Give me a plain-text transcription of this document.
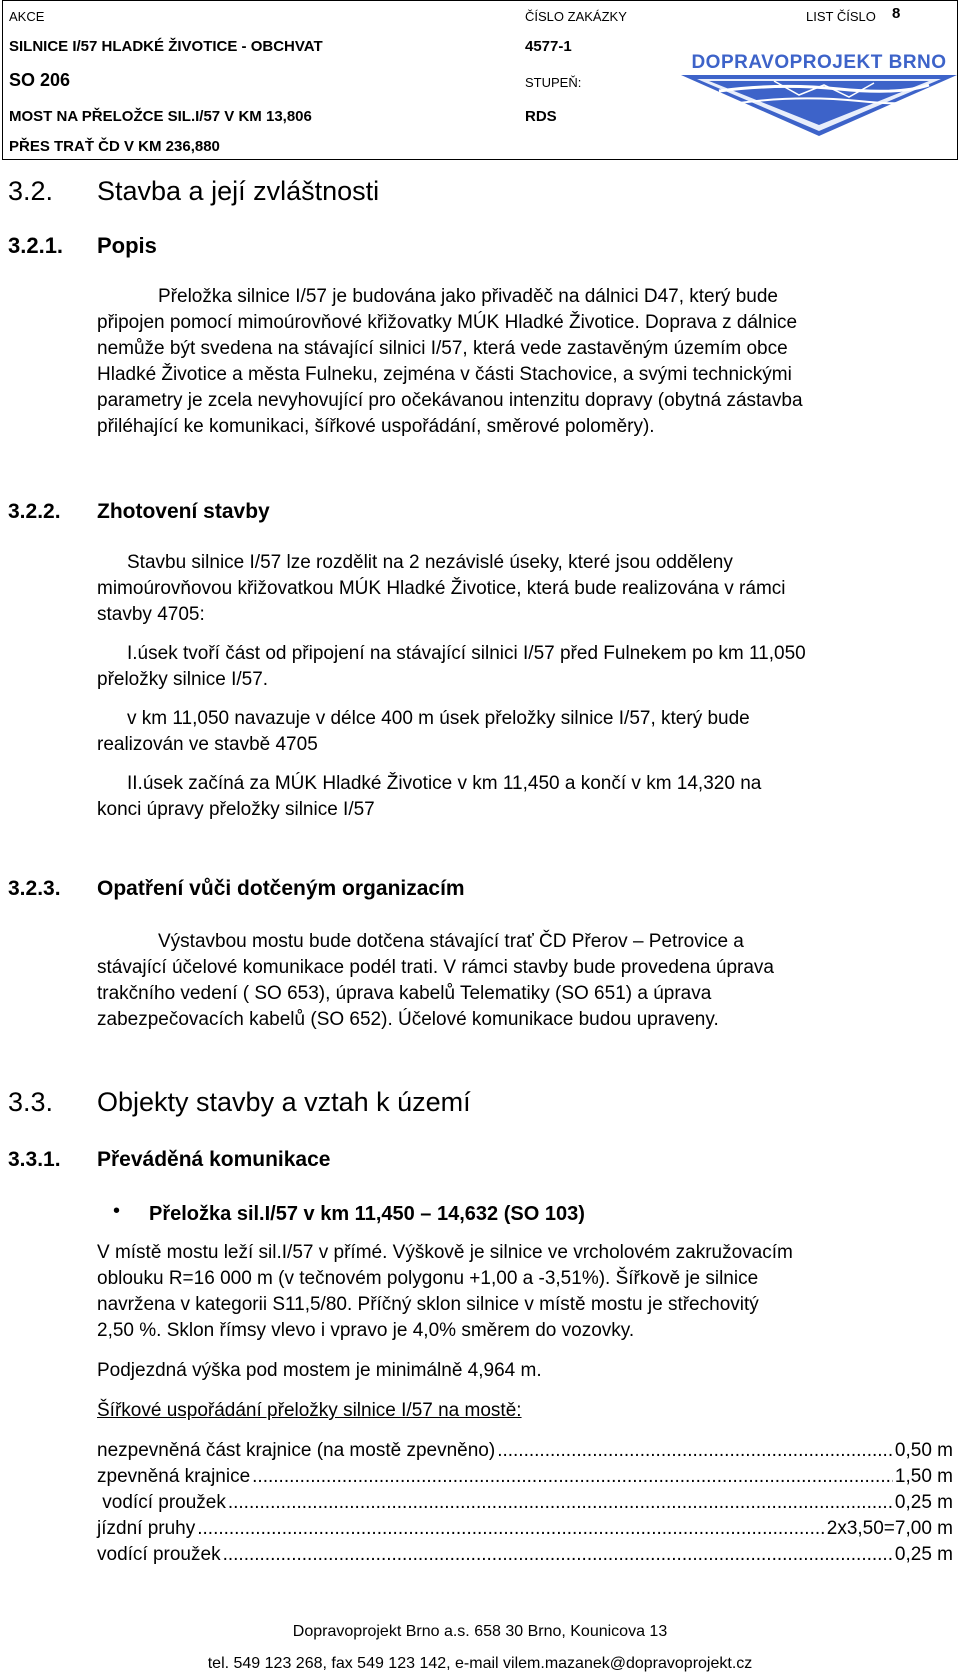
AKCE
SILNICE I/57 HLADKÉ ŽIVOTICE - OBCHVAT
SO 206
MOST NA PŘELOŽCE SIL.I/57 V KM 13,806
PŘES TRAŤ ČD V KM 236,880
ČÍSLO ZAKÁZKY
4577-1
STUPEŇ:
RDS
LIST ČÍSLO 8
DOPRAVOPROJEKT BRNO
3.2. Stavba a její zvláštnosti
3.2.1. Popis
Přeložka silnice I/57 je budována jako přivaděč na dálnici D47, který bude
připojen pomocí mimoúrovňové křižovatky MÚK Hladké Životice. Doprava z dálnice
nemůže být svedena na stávající silnici I/57, která vede zastavěným územím obce
Hladké Životice a města Fulneku, zejména v části Stachovice, a svými technickými
parametry je zcela nevyhovující pro očekávanou intenzitu dopravy (obytná zástavba
přiléhající ke komunikaci, šířkové uspořádání, směrové poloměry).
3.2.2. Zhotovení stavby
Stavbu silnice I/57 lze rozdělit na 2 nezávislé úseky, které jsou odděleny
mimoúrovňovou křižovatkou MÚK Hladké Životice, která bude realizována v rámci
stavby 4705:
I.úsek tvoří část od připojení na stávající silnici I/57 před Fulnekem po km 11,050
přeložky silnice I/57.
v km 11,050 navazuje v délce 400 m úsek přeložky silnice I/57, který bude
realizován ve stavbě 4705
II.úsek začíná za MÚK Hladké Životice v km 11,450 a končí v km 14,320 na
konci úpravy přeložky silnice I/57
3.2.3. Opatření vůči dotčeným organizacím
Výstavbou mostu bude dotčena stávající trať ČD Přerov – Petrovice a
stávající účelové komunikace podél trati. V rámci stavby bude provedena úprava
trakčního vedení ( SO 653), úprava kabelů Telematiky (SO 651) a úprava
zabezpečovacích kabelů (SO 652). Účelové komunikace budou upraveny.
3.3. Objekty stavby a vztah k území
3.3.1. Převáděná komunikace
• Přeložka sil.I/57 v km 11,450 – 14,632 (SO 103)
V místě mostu leží sil.I/57 v přímé. Výškově je silnice ve vrcholovém zakružovacím
oblouku R=16 000 m (v tečnovém polygonu +1,00 a -3,51%). Šířkově je silnice
navržena v kategorii S11,5/80. Příčný sklon silnice v místě mostu je střechovitý
2,50 %. Sklon římsy vlevo i vpravo je 4,0% směrem do vozovky.
Podjezdná výška pod mostem je minimálně 4,964 m.
Šířkové uspořádání přeložky silnice I/57 na mostě:
nezpevněná část krajnice (na mostě zpevněno) .....	0,50 m
zpevněná krajnice .....	1,50 m
vodící proužek .....	0,25 m
jízdní pruhy .....	2x3,50=7,00 m
vodící proužek .....	0,25 m
Dopravoprojekt Brno a.s. 658 30 Brno, Kounicova 13
tel. 549 123 268, fax 549 123 142, e-mail vilem.mazanek@dopravoprojekt.cz
